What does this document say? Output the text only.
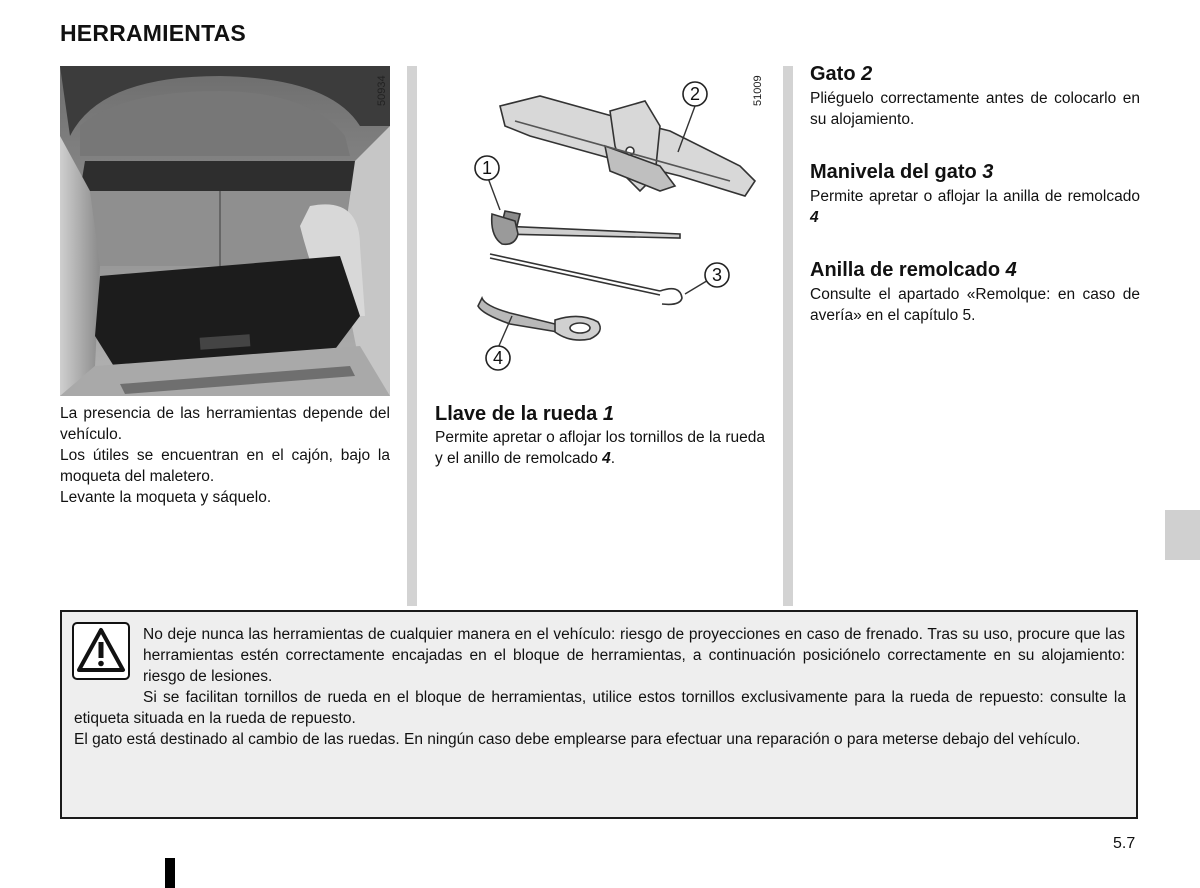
HERRAMIENTAS
50934
La presencia de las herramientas depende del vehículo.
Los útiles se encuentran en el cajón, bajo la moqueta del maletero.
Levante la moqueta y sáquelo.
1
2
3
4
51009
Llave de la rueda 1
Permite apretar o aflojar los tornillos de la rueda y el anillo de remolcado 4.
Gato 2
Pliéguelo correctamente antes de colocarlo en su alojamiento.
Manivela del gato 3
Permite apretar o aflojar la anilla de remolcado 4
Anilla de remolcado 4
Consulte el apartado «Remolque: en caso de avería» en el capítulo 5.
No deje nunca las herramientas de cualquier manera en el vehículo: riesgo de proyecciones en caso de frenado. Tras su uso, procure que las herramientas estén correctamente encajadas en el bloque de herramientas, a continuación posiciónelo correctamente en su alojamiento: riesgo de lesiones.
Si se facilitan tornillos de rueda en el bloque de herramientas, utilice estos tornillos exclusivamente para la rueda de repuesto: consulte la etiqueta situada en la rueda de repuesto.
El gato está destinado al cambio de las ruedas. En ningún caso debe emplearse para efectuar una reparación o para meterse debajo del vehículo.
5.7
